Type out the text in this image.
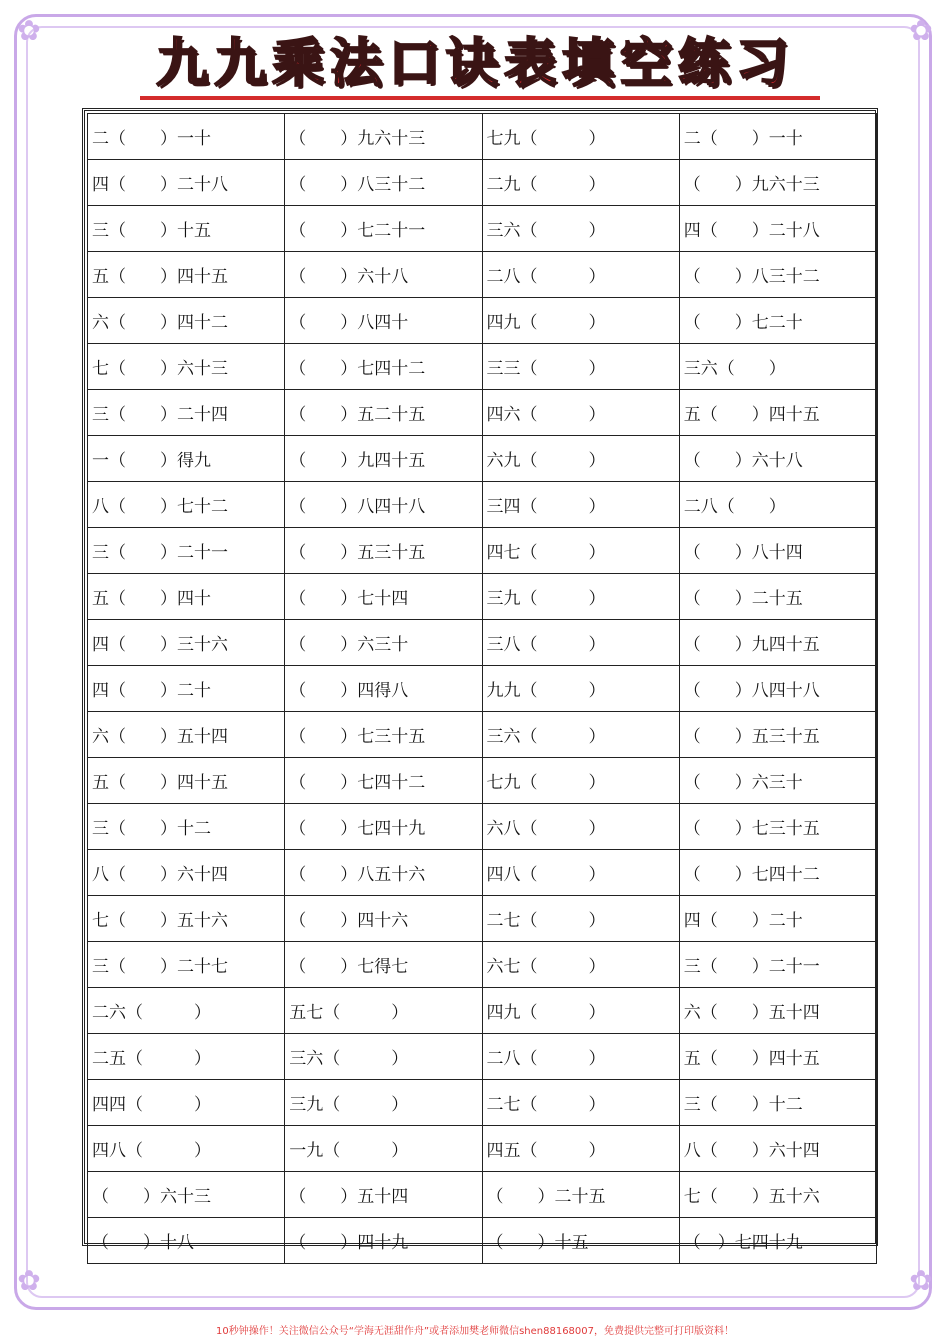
✿	✿
✿	✿
九九乘法口诀表填空练习
二（　　）一十	（　　）九六十三	七九（　　　）	二（　　）一十
四（　　）二十八	（　　）八三十二	二九（　　　）	（　　）九六十三
三（　　）十五	（　　）七二十一	三六（　　　）	四（　　）二十八
五（　　）四十五	（　　）六十八	二八（　　　）	（　　）八三十二
六（　　）四十二	（　　）八四十	四九（　　　）	（　　）七二十
七（　　）六十三	（　　）七四十二	三三（　　　）	三六（　　）
三（　　）二十四	（　　）五二十五	四六（　　　）	五（　　）四十五
一（　　）得九	（　　）九四十五	六九（　　　）	（　　）六十八
八（　　）七十二	（　　）八四十八	三四（　　　）	二八（　　）
三（　　）二十一	（　　）五三十五	四七（　　　）	（　　）八十四
五（　　）四十	（　　）七十四	三九（　　　）	（　　）二十五
四（　　）三十六	（　　）六三十	三八（　　　）	（　　）九四十五
四（　　）二十	（　　）四得八	九九（　　　）	（　　）八四十八
六（　　）五十四	（　　）七三十五	三六（　　　）	（　　）五三十五
五（　　）四十五	（　　）七四十二	七九（　　　）	（　　）六三十
三（　　）十二	（　　）七四十九	六八（　　　）	（　　）七三十五
八（　　）六十四	（　　）八五十六	四八（　　　）	（　　）七四十二
七（　　）五十六	（　　）四十六	二七（　　　）	四（　　）二十
三（　　）二十七	（　　）七得七	六七（　　　）	三（　　）二十一
二六（　　　）	五七（　　　）	四九（　　　）	六（　　）五十四
二五（　　　）	三六（　　　）	二八（　　　）	五（　　）四十五
四四（　　　）	三九（　　　）	二七（　　　）	三（　　）十二
四八（　　　）	一九（　　　）	四五（　　　）	八（　　）六十四
（　　）六十三	（　　）五十四	（　　）二十五	七（　　）五十六
（　　）十八	（　　）四十九	（　　）十五	（　）七四十九
10秒钟操作！关注微信公众号“学海无涯甜作舟”或者添加樊老师微信shen88168007，免费提供完整可打印版资料！
